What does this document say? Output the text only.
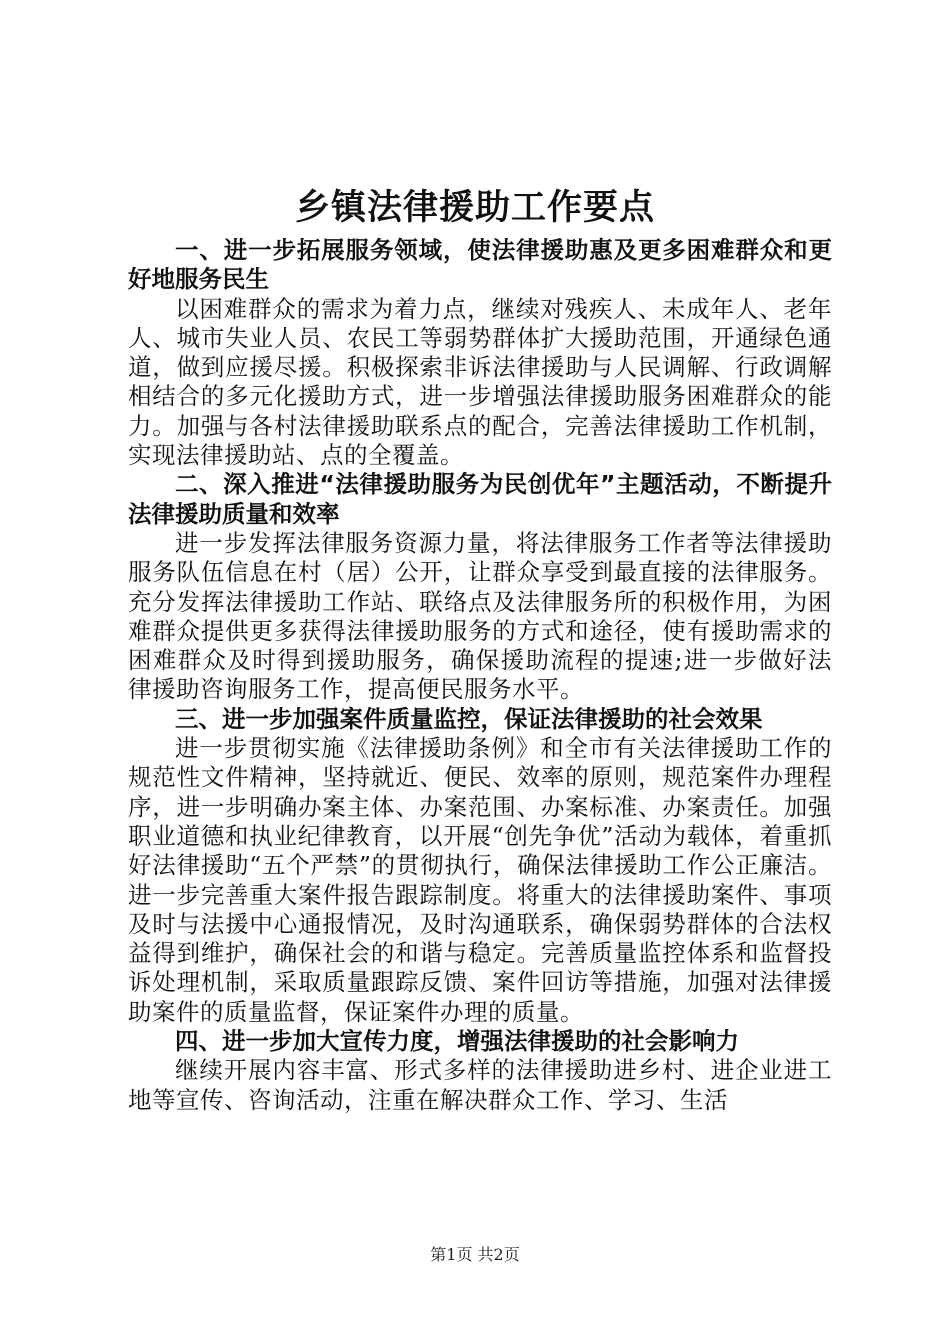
乡镇法律援助工作要点

一、进一步拓展服务领域，使法律援助惠及更多困难群众和更好地服务民生

以困难群众的需求为着力点，继续对残疾人、未成年人、老年人、城市失业人员、农民工等弱势群体扩大援助范围，开通绿色通道，做到应援尽援。积极探索非诉法律援助与人民调解、行政调解相结合的多元化援助方式，进一步增强法律援助服务困难群众的能力。加强与各村法律援助联系点的配合，完善法律援助工作机制，实现法律援助站、点的全覆盖。

二、深入推进“法律援助服务为民创优年”主题活动，不断提升法律援助质量和效率

进一步发挥法律服务资源力量，将法律服务工作者等法律援助服务队伍信息在村（居）公开，让群众享受到最直接的法律服务。充分发挥法律援助工作站、联络点及法律服务所的积极作用，为困难群众提供更多获得法律援助服务的方式和途径，使有援助需求的困难群众及时得到援助服务，确保援助流程的提速;进一步做好法律援助咨询服务工作，提高便民服务水平。

三、进一步加强案件质量监控，保证法律援助的社会效果

进一步贯彻实施《法律援助条例》和全市有关法律援助工作的规范性文件精神，坚持就近、便民、效率的原则，规范案件办理程序，进一步明确办案主体、办案范围、办案标准、办案责任。加强职业道德和执业纪律教育，以开展“创先争优”活动为载体，着重抓好法律援助“五个严禁”的贯彻执行，确保法律援助工作公正廉洁。进一步完善重大案件报告跟踪制度。将重大的法律援助案件、事项及时与法援中心通报情况，及时沟通联系，确保弱势群体的合法权益得到维护，确保社会的和谐与稳定。完善质量监控体系和监督投诉处理机制，采取质量跟踪反馈、案件回访等措施，加强对法律援助案件的质量监督，保证案件办理的质量。

四、进一步加大宣传力度，增强法律援助的社会影响力

继续开展内容丰富、形式多样的法律援助进乡村、进企业进工地等宣传、咨询活动，注重在解决群众工作、学习、生活

第1页 共2页
